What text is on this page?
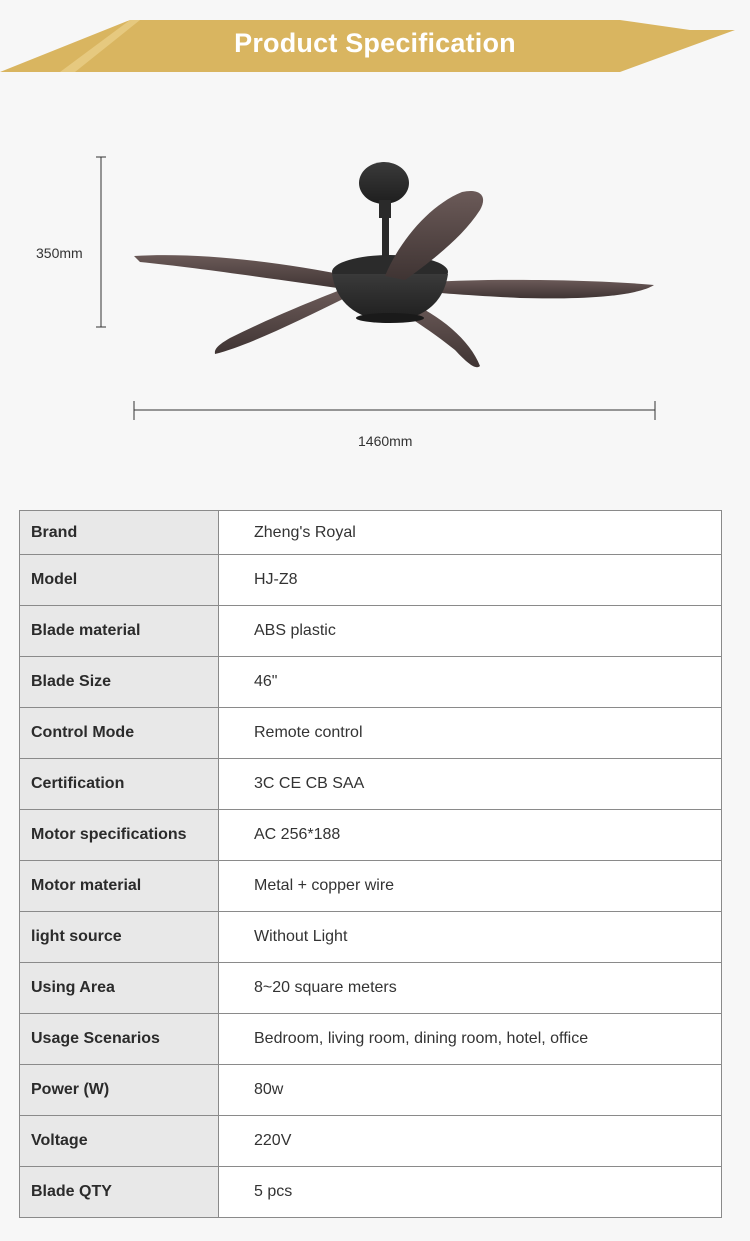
Product Specification
350mm
1460mm
Brand	Zheng's Royal
Model	HJ-Z8
Blade material	ABS plastic
Blade Size	46"
Control Mode	Remote control
Certification	3C CE CB SAA
Motor specifications	AC 256*188
Motor material	Metal + copper wire
light source	Without Light
Using Area	8~20 square meters
Usage Scenarios	Bedroom, living room, dining room, hotel, office
Power (W)	80w
Voltage	220V
Blade QTY	5 pcs
